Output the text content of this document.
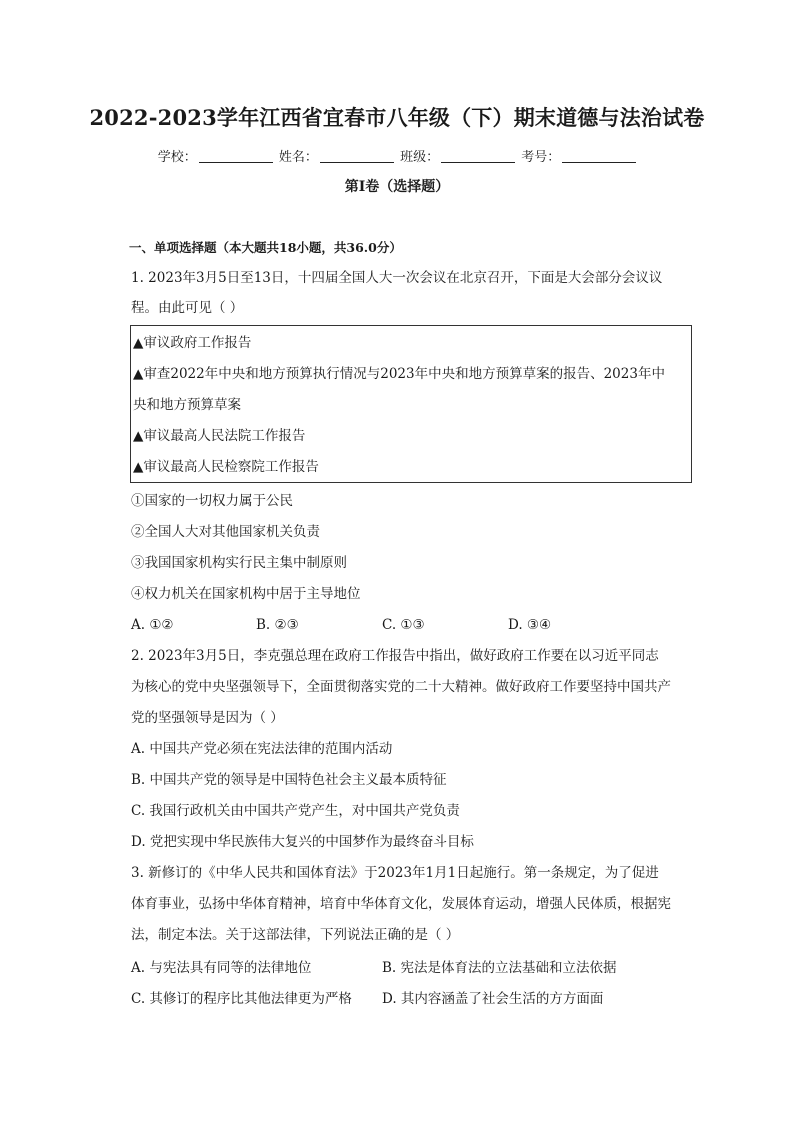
2022-2023学年江西省宜春市八年级（下）期末道德与法治试卷
学校：	姓名：	班级：	考号：
第Ⅰ卷（选择题）
一、单项选择题（本大题共18小题，共36.0分）
1. 2023年3月5日至13日，十四届全国人大一次会议在北京召开，下面是大会部分会议议
程。由此可见（ ）
▲审议政府工作报告
▲审查2022年中央和地方预算执行情况与2023年中央和地方预算草案的报告、2023年中
央和地方预算草案
▲审议最高人民法院工作报告
▲审议最高人民检察院工作报告
①国家的一切权力属于公民
②全国人大对其他国家机关负责
③我国国家机构实行民主集中制原则
④权力机关在国家机构中居于主导地位
A. ①②	B. ②③	C. ①③	D. ③④
2. 2023年3月5日，李克强总理在政府工作报告中指出，做好政府工作要在以习近平同志
为核心的党中央坚强领导下，全面贯彻落实党的二十大精神。做好政府工作要坚持中国共产
党的坚强领导是因为（ ）
A. 中国共产党必须在宪法法律的范围内活动
B. 中国共产党的领导是中国特色社会主义最本质特征
C. 我国行政机关由中国共产党产生，对中国共产党负责
D. 党把实现中华民族伟大复兴的中国梦作为最终奋斗目标
3. 新修订的《中华人民共和国体育法》于2023年1月1日起施行。第一条规定，为了促进
体育事业，弘扬中华体育精神，培育中华体育文化，发展体育运动，增强人民体质，根据宪
法，制定本法。关于这部法律，下列说法正确的是（ ）
A. 与宪法具有同等的法律地位	B. 宪法是体育法的立法基础和立法依据
C. 其修订的程序比其他法律更为严格 D. 其内容涵盖了社会生活的方方面面
